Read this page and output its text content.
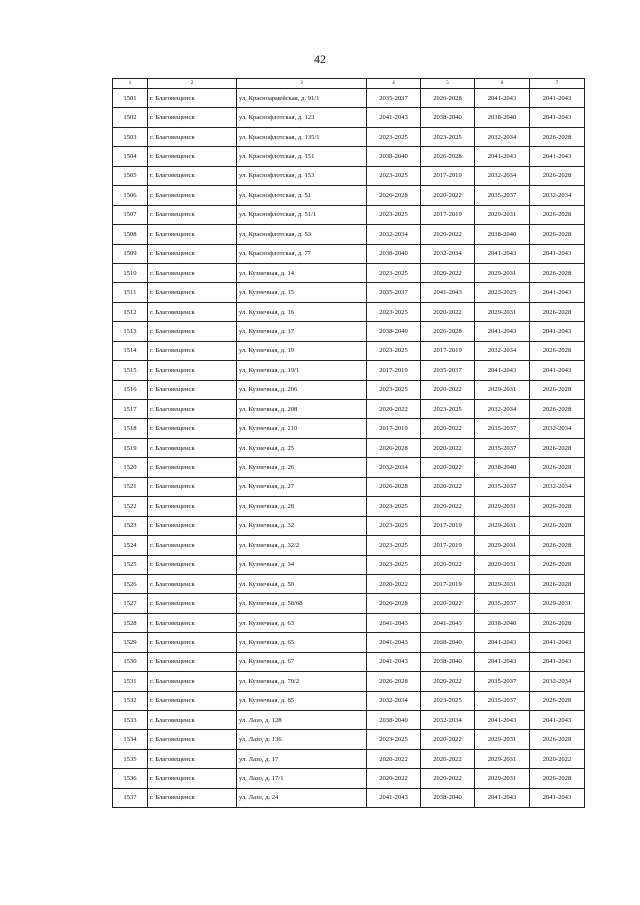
42
1	2	3	4	5	6	7
1501	г. Благовещенск	ул. Красноармейская, д. 91/1	2035-2037	2026-2028	2041-2043	2041-2043
1502	г. Благовещенск	ул. Краснофлотская, д. 123	2041-2043	2038-2040	2038-2040	2041-2043
1503	г. Благовещенск	ул. Краснофлотская, д. 135/1	2023-2025	2023-2025	2032-2034	2026-2028
1504	г. Благовещенск	ул. Краснофлотская, д. 151	2038-2040	2026-2028	2041-2043	2041-2043
1505	г. Благовещенск	ул. Краснофлотская, д. 153	2023-2025	2017-2019	2032-2034	2026-2028
1506	г. Благовещенск	ул. Краснофлотская, д. 51	2026-2028	2020-2022	2035-2037	2032-2034
1507	г. Благовещенск	ул. Краснофлотская, д. 51/1	2023-2025	2017-2019	2029-2031	2026-2028
1508	г. Благовещенск	ул. Краснофлотская, д. 53	2032-2034	2020-2022	2038-2040	2026-2028
1509	г. Благовещенск	ул. Краснофлотская, д. 77	2038-2040	2032-2034	2041-2043	2041-2043
1510	г. Благовещенск	ул. Кузнечная, д. 14	2023-2025	2020-2022	2029-2031	2026-2028
1511	г. Благовещенск	ул. Кузнечная, д. 15	2035-2037	2041-2043	2023-2025	2041-2043
1512	г. Благовещенск	ул. Кузнечная, д. 16	2023-2025	2020-2022	2029-2031	2026-2028
1513	г. Благовещенск	ул. Кузнечная, д. 17	2038-2040	2026-2028	2041-2043	2041-2043
1514	г. Благовещенск	ул. Кузнечная, д. 19	2023-2025	2017-2019	2032-2034	2026-2028
1515	г. Благовещенск	ул. Кузнечная, д. 19/1	2017-2019	2035-2037	2041-2043	2041-2043
1516	г. Благовещенск	ул. Кузнечная, д. 206	2023-2025	2020-2022	2029-2031	2026-2028
1517	г. Благовещенск	ул. Кузнечная, д. 208	2020-2022	2023-2025	2032-2034	2026-2028
1518	г. Благовещенск	ул. Кузнечная, д. 210	2017-2019	2020-2022	2035-2037	2032-2034
1519	г. Благовещенск	ул. Кузнечная, д. 25	2026-2028	2020-2022	2035-2037	2026-2028
1520	г. Благовещенск	ул. Кузнечная, д. 26	2032-2034	2020-2022	2038-2040	2026-2028
1521	г. Благовещенск	ул. Кузнечная, д. 27	2026-2028	2020-2022	2035-2037	2032-2034
1522	г. Благовещенск	ул. Кузнечная, д. 28	2023-2025	2020-2022	2029-2031	2026-2028
1523	г. Благовещенск	ул. Кузнечная, д. 32	2023-2025	2017-2019	2029-2031	2026-2028
1524	г. Благовещенск	ул. Кузнечная, д. 32/2	2023-2025	2017-2019	2029-2031	2026-2028
1525	г. Благовещенск	ул. Кузнечная, д. 34	2023-2025	2020-2022	2029-2031	2026-2028
1526	г. Благовещенск	ул. Кузнечная, д. 50	2020-2022	2017-2019	2029-2031	2026-2028
1527	г. Благовещенск	ул. Кузнечная, д. 58/68	2026-2028	2020-2022	2035-2037	2029-2031
1528	г. Благовещенск	ул. Кузнечная, д. 63	2041-2043	2041-2043	2038-2040	2026-2028
1529	г. Благовещенск	ул. Кузнечная, д. 65	2041-2043	2038-2040	2041-2043	2041-2043
1530	г. Благовещенск	ул. Кузнечная, д. 67	2041-2043	2038-2040	2041-2043	2041-2043
1531	г. Благовещенск	ул. Кузнечная, д. 70/2	2026-2028	2020-2022	2035-2037	2032-2034
1532	г. Благовещенск	ул. Кузнечная, д. 85	2032-2034	2023-2025	2035-2037	2026-2028
1533	г. Благовещенск	ул. Лазо, д. 128	2038-2040	2032-2034	2041-2043	2041-2043
1534	г. Благовещенск	ул. Лазо, д. 136	2023-2025	2020-2022	2029-2031	2026-2028
1535	г. Благовещенск	ул. Лазо, д. 17	2020-2022	2020-2022	2029-2031	2020-2022
1536	г. Благовещенск	ул. Лазо, д. 17/1	2020-2022	2020-2022	2029-2031	2026-2028
1537	г. Благовещенск	ул. Лазо, д. 24	2041-2043	2038-2040	2041-2043	2041-2043
